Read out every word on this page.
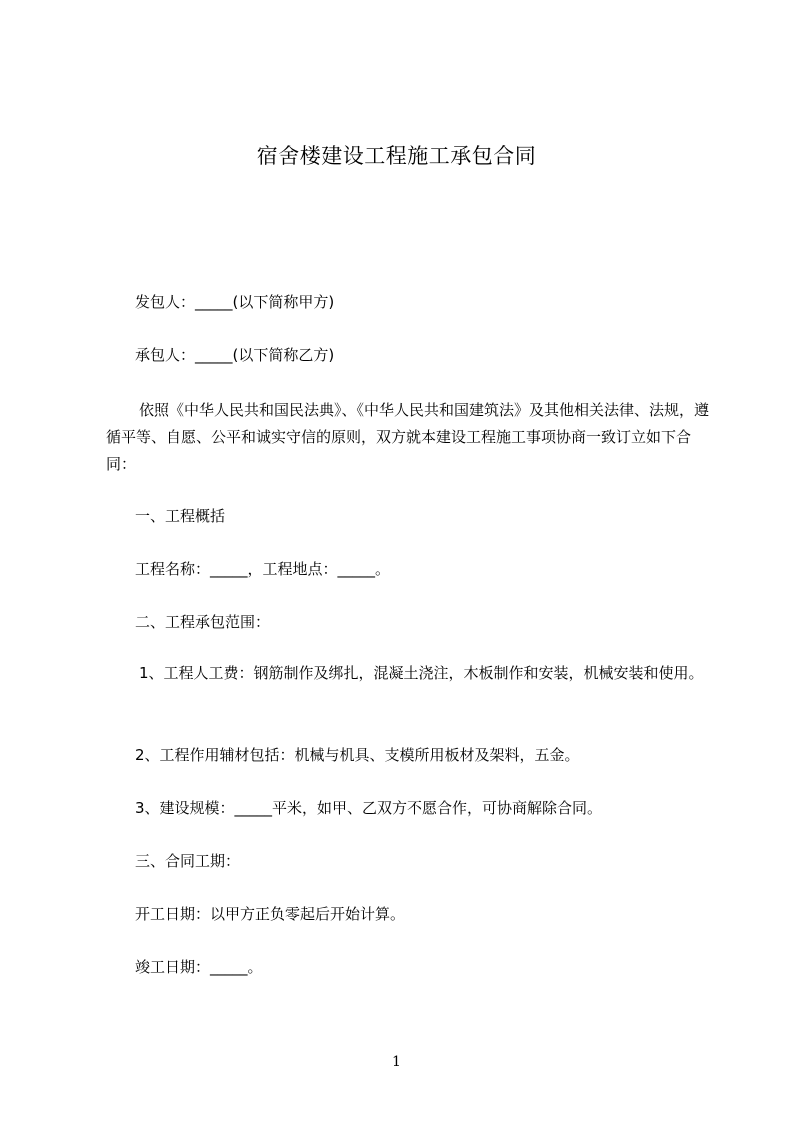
宿舍楼建设工程施工承包合同
发包人：_____(以下简称甲方)
承包人：_____(以下简称乙方)
依照《中华人民共和国民法典》、《中华人民共和国建筑法》及其他相关法律、法规，遵循平等、自愿、公平和诚实守信的原则，双方就本建设工程施工事项协商一致订立如下合同：
一、工程概括
工程名称：_____，工程地点：_____。
二、工程承包范围：
1、工程人工费：钢筋制作及绑扎，混凝土浇注，木板制作和安装，机械安装和使用。
2、工程作用辅材包括：机械与机具、支模所用板材及架料，五金。
3、建设规模：_____平米，如甲、乙双方不愿合作，可协商解除合同。
三、合同工期：
开工日期：以甲方正负零起后开始计算。
竣工日期：_____。
1
